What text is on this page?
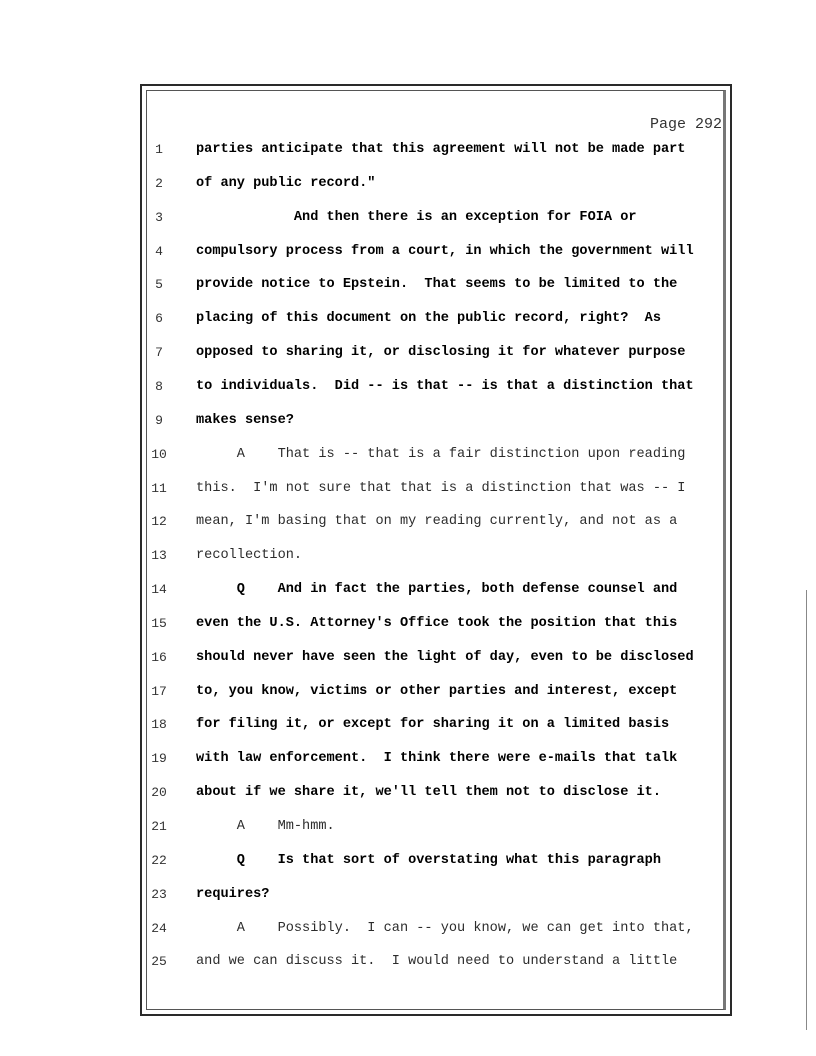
Page 292
1	parties anticipate that this agreement will not be made part
2	of any public record."
3	And then there is an exception for FOIA or
4	compulsory process from a court, in which the government will
5	provide notice to Epstein.  That seems to be limited to the
6	placing of this document on the public record, right?  As
7	opposed to sharing it, or disclosing it for whatever purpose
8	to individuals.  Did -- is that -- is that a distinction that
9	makes sense?
10	A    That is -- that is a fair distinction upon reading
11	this.  I'm not sure that that is a distinction that was -- I
12	mean, I'm basing that on my reading currently, and not as a
13	recollection.
14	Q    And in fact the parties, both defense counsel and
15	even the U.S. Attorney's Office took the position that this
16	should never have seen the light of day, even to be disclosed
17	to, you know, victims or other parties and interest, except
18	for filing it, or except for sharing it on a limited basis
19	with law enforcement.  I think there were e-mails that talk
20	about if we share it, we'll tell them not to disclose it.
21	A    Mm-hmm.
22	Q    Is that sort of overstating what this paragraph
23	requires?
24	A    Possibly.  I can -- you know, we can get into that,
25	and we can discuss it.  I would need to understand a little
